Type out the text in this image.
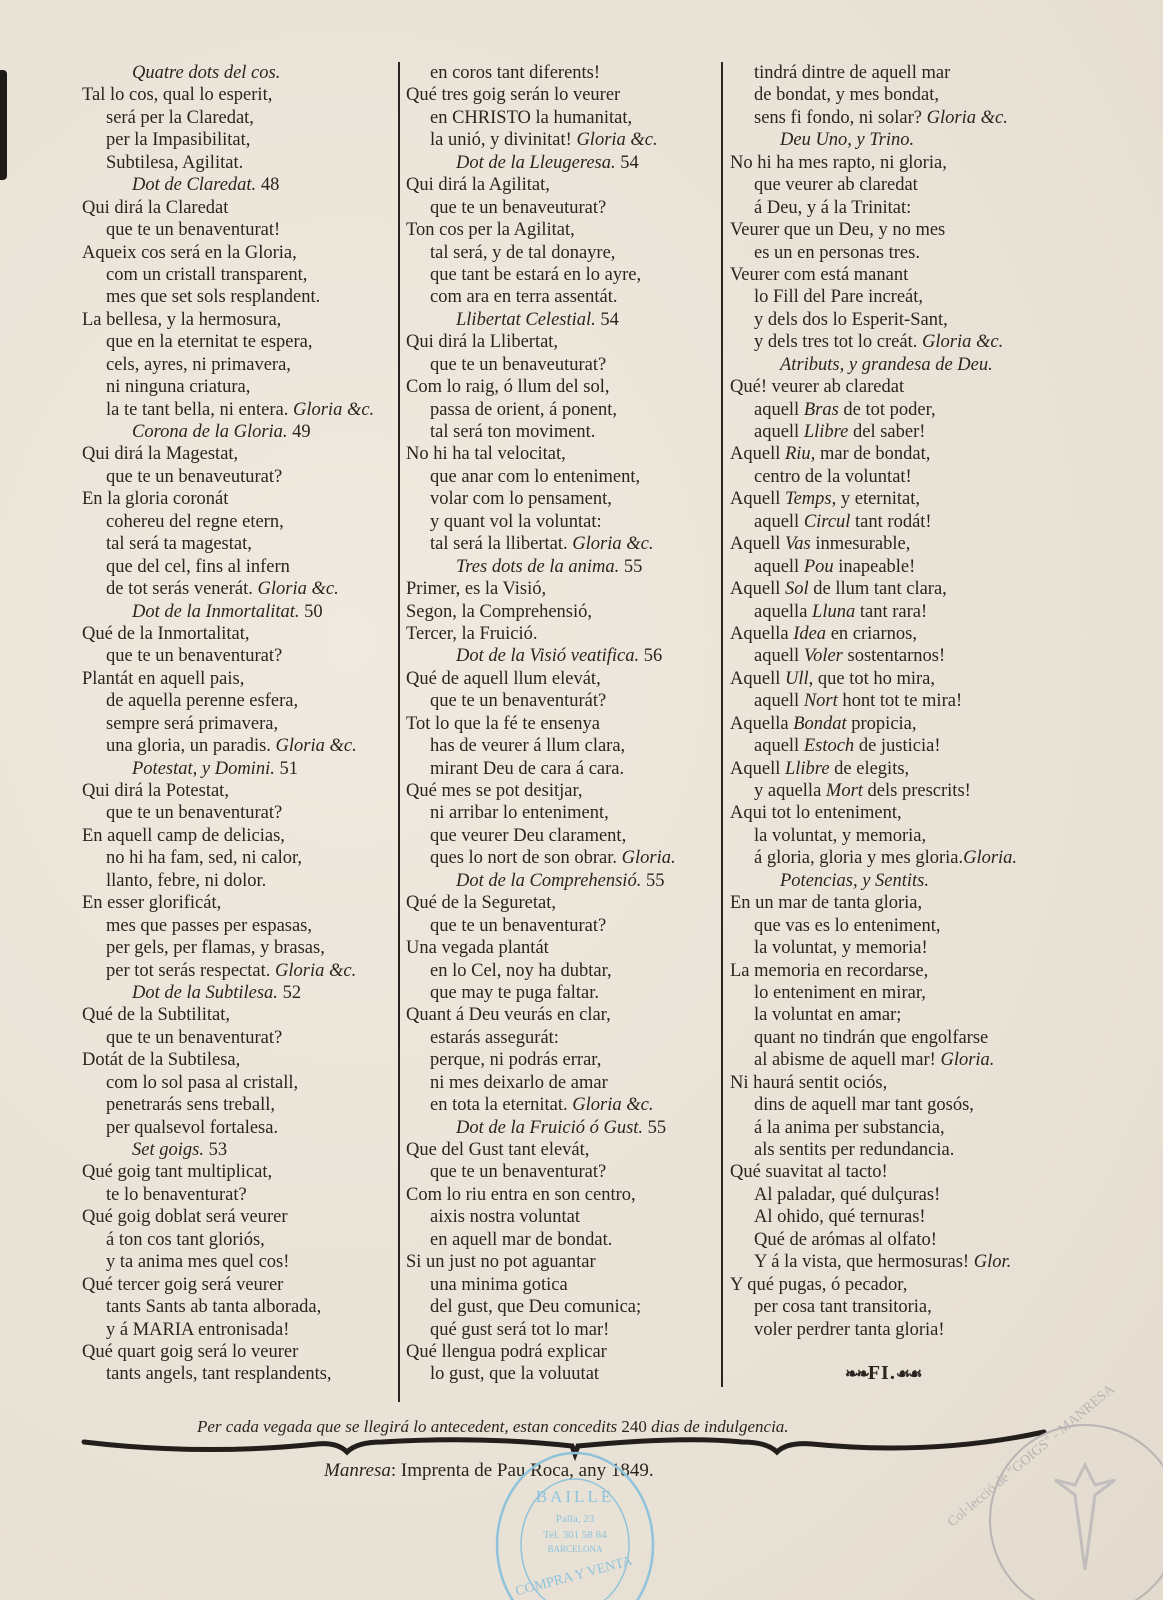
Quatre dots del cos.
Tal lo cos, qual lo esperit,
será per la Claredat,
per la Impasibilitat,
Subtilesa, Agilitat.
Dot de Claredat. 48
Qui dirá la Claredat
que te un benaventurat!
Aqueix cos será en la Gloria,
com un cristall transparent,
mes que set sols resplandent.
La bellesa, y la hermosura,
que en la eternitat te espera,
cels, ayres, ni primavera,
ni ninguna criatura,
la te tant bella, ni entera. Gloria &c.
Corona de la Gloria. 49
Qui dirá la Magestat,
que te un benaveuturat?
En la gloria coronát
cohereu del regne etern,
tal será ta magestat,
que del cel, fins al infern
de tot serás venerát. Gloria &c.
Dot de la Inmortalitat. 50
Qué de la Inmortalitat,
que te un benaventurat?
Plantát en aquell pais,
de aquella perenne esfera,
sempre será primavera,
una gloria, un paradis. Gloria &c.
Potestat, y Domini. 51
Qui dirá la Potestat,
que te un benaventurat?
En aquell camp de delicias,
no hi ha fam, sed, ni calor,
llanto, febre, ni dolor.
En esser glorificát,
mes que passes per espasas,
per gels, per flamas, y brasas,
per tot serás respectat. Gloria &c.
Dot de la Subtilesa. 52
Qué de la Subtilitat,
que te un benaventurat?
Dotát de la Subtilesa,
com lo sol pasa al cristall,
penetrarás sens treball,
per qualsevol fortalesa.
Set goigs. 53
Qué goig tant multiplicat,
te lo benaventurat?
Qué goig doblat será veurer
á ton cos tant gloriós,
y ta anima mes quel cos!
Qué tercer goig será veurer
tants Sants ab tanta alborada,
y á MARIA entronisada!
Qué quart goig será lo veurer
tants angels, tant resplandents,
en coros tant diferents!
Qué tres goig serán lo veurer
en CHRISTO la humanitat,
la unió, y divinitat! Gloria &c.
Dot de la Lleugeresa. 54
Qui dirá la Agilitat,
que te un benaveuturat?
Ton cos per la Agilitat,
tal será, y de tal donayre,
que tant be estará en lo ayre,
com ara en terra assentát.
Llibertat Celestial. 54
Qui dirá la Llibertat,
que te un benaveuturat?
Com lo raig, ó llum del sol,
passa de orient, á ponent,
tal será ton moviment.
No hi ha tal velocitat,
que anar com lo enteniment,
volar com lo pensament,
y quant vol la voluntat:
tal será la llibertat. Gloria &c.
Tres dots de la anima. 55
Primer, es la Visió,
Segon, la Comprehensió,
Tercer, la Fruició.
Dot de la Visió veatifica. 56
Qué de aquell llum elevát,
que te un benaventurát?
Tot lo que la fé te ensenya
has de veurer á llum clara,
mirant Deu de cara á cara.
Qué mes se pot desitjar,
ni arribar lo enteniment,
que veurer Deu clarament,
ques lo nort de son obrar. Gloria.
Dot de la Comprehensió. 55
Qué de la Seguretat,
que te un benaventurat?
Una vegada plantát
en lo Cel, noy ha dubtar,
que may te puga faltar.
Quant á Deu veurás en clar,
estarás assegurát:
perque, ni podrás errar,
ni mes deixarlo de amar
en tota la eternitat. Gloria &c.
Dot de la Fruició ó Gust. 55
Que del Gust tant elevát,
que te un benaventurat?
Com lo riu entra en son centro,
aixis nostra voluntat
en aquell mar de bondat.
Si un just no pot aguantar
una minima gotica
del gust, que Deu comunica;
qué gust será tot lo mar!
Qué llengua podrá explicar
lo gust, que la voluutat
tindrá dintre de aquell mar
de bondat, y mes bondat,
sens fi fondo, ni solar? Gloria &c.
Deu Uno, y Trino.
No hi ha mes rapto, ni gloria,
que veurer ab claredat
á Deu, y á la Trinitat:
Veurer que un Deu, y no mes
es un en personas tres.
Veurer com está manant
lo Fill del Pare increát,
y dels dos lo Esperit-Sant,
y dels tres tot lo creát. Gloria &c.
Atributs, y grandesa de Deu.
Qué! veurer ab claredat
aquell Bras de tot poder,
aquell Llibre del saber!
Aquell Riu, mar de bondat,
centro de la voluntat!
Aquell Temps, y eternitat,
aquell Circul tant rodát!
Aquell Vas inmesurable,
aquell Pou inapeable!
Aquell Sol de llum tant clara,
aquella Lluna tant rara!
Aquella Idea en criarnos,
aquell Voler sostentarnos!
Aquell Ull, que tot ho mira,
aquell Nort hont tot te mira!
Aquella Bondat propicia,
aquell Estoch de justicia!
Aquell Llibre de elegits,
y aquella Mort dels prescrits!
Aqui tot lo enteniment,
la voluntat, y memoria,
á gloria, gloria y mes gloria.Gloria.
Potencias, y Sentits.
En un mar de tanta gloria,
que vas es lo enteniment,
la voluntat, y memoria!
La memoria en recordarse,
lo enteniment en mirar,
la voluntat en amar;
quant no tindrán que engolfarse
al abisme de aquell mar! Gloria.
Ni haurá sentit ociós,
dins de aquell mar tant gosós,
á la anima per substancia,
als sentits per redundancia.
Qué suavitat al tacto!
Al paladar, qué dulçuras!
Al ohido, qué ternuras!
Qué de arómas al olfato!
Y á la vista, que hermosuras! Glor.
Y qué pugas, ó pecador,
per cosa tant transitoria,
voler perdrer tanta gloria!
❧❧FI.☙☙
Per cada vegada que se llegirá lo antecedent, estan concedits 240 dias de indulgencia.
Manresa: Imprenta de Pau Roca, any 1849.
BAILLE
Palla, 23
Tel. 301 58 84
BARCELONA
COMPRA Y VENTA
Col·lecció de "GOIGS" - MANRESA
